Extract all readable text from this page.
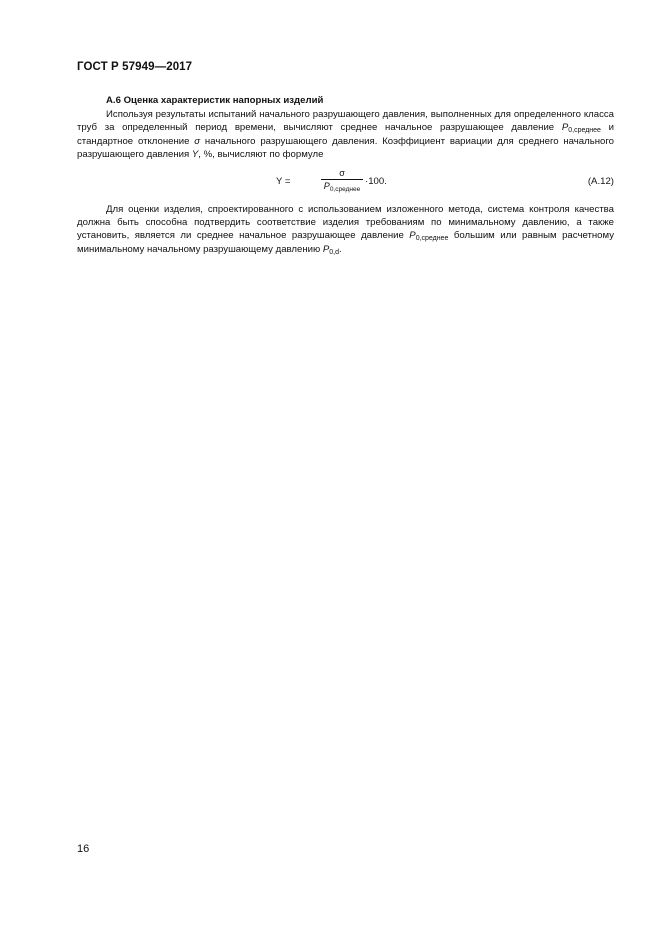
ГОСТ Р 57949—2017

А.6 Оценка характеристик напорных изделий

Используя результаты испытаний начального разрушающего давления, выполненных для определенного класса труб за определенный период времени, вычисляют среднее начальное разрушающее давление $P_{0,среднее}$ и стандартное отклонение σ начального разрушающего давления. Коэффициент вариации для среднего начального разрушающего давления Y, %, вычисляют по формуле

Y =
σ
$P_{0,среднее}$
·100.	(А.12)

Для оценки изделия, спроектированного с использованием изложенного метода, система контроля качества должна быть способна подтвердить соответствие изделия требованиям по минимальному давлению, а также установить, является ли среднее начальное разрушающее давление $P_{0,среднее}$ большим или равным расчетному минимальному начальному разрушающему давлению $P_{0,d}$.

16
